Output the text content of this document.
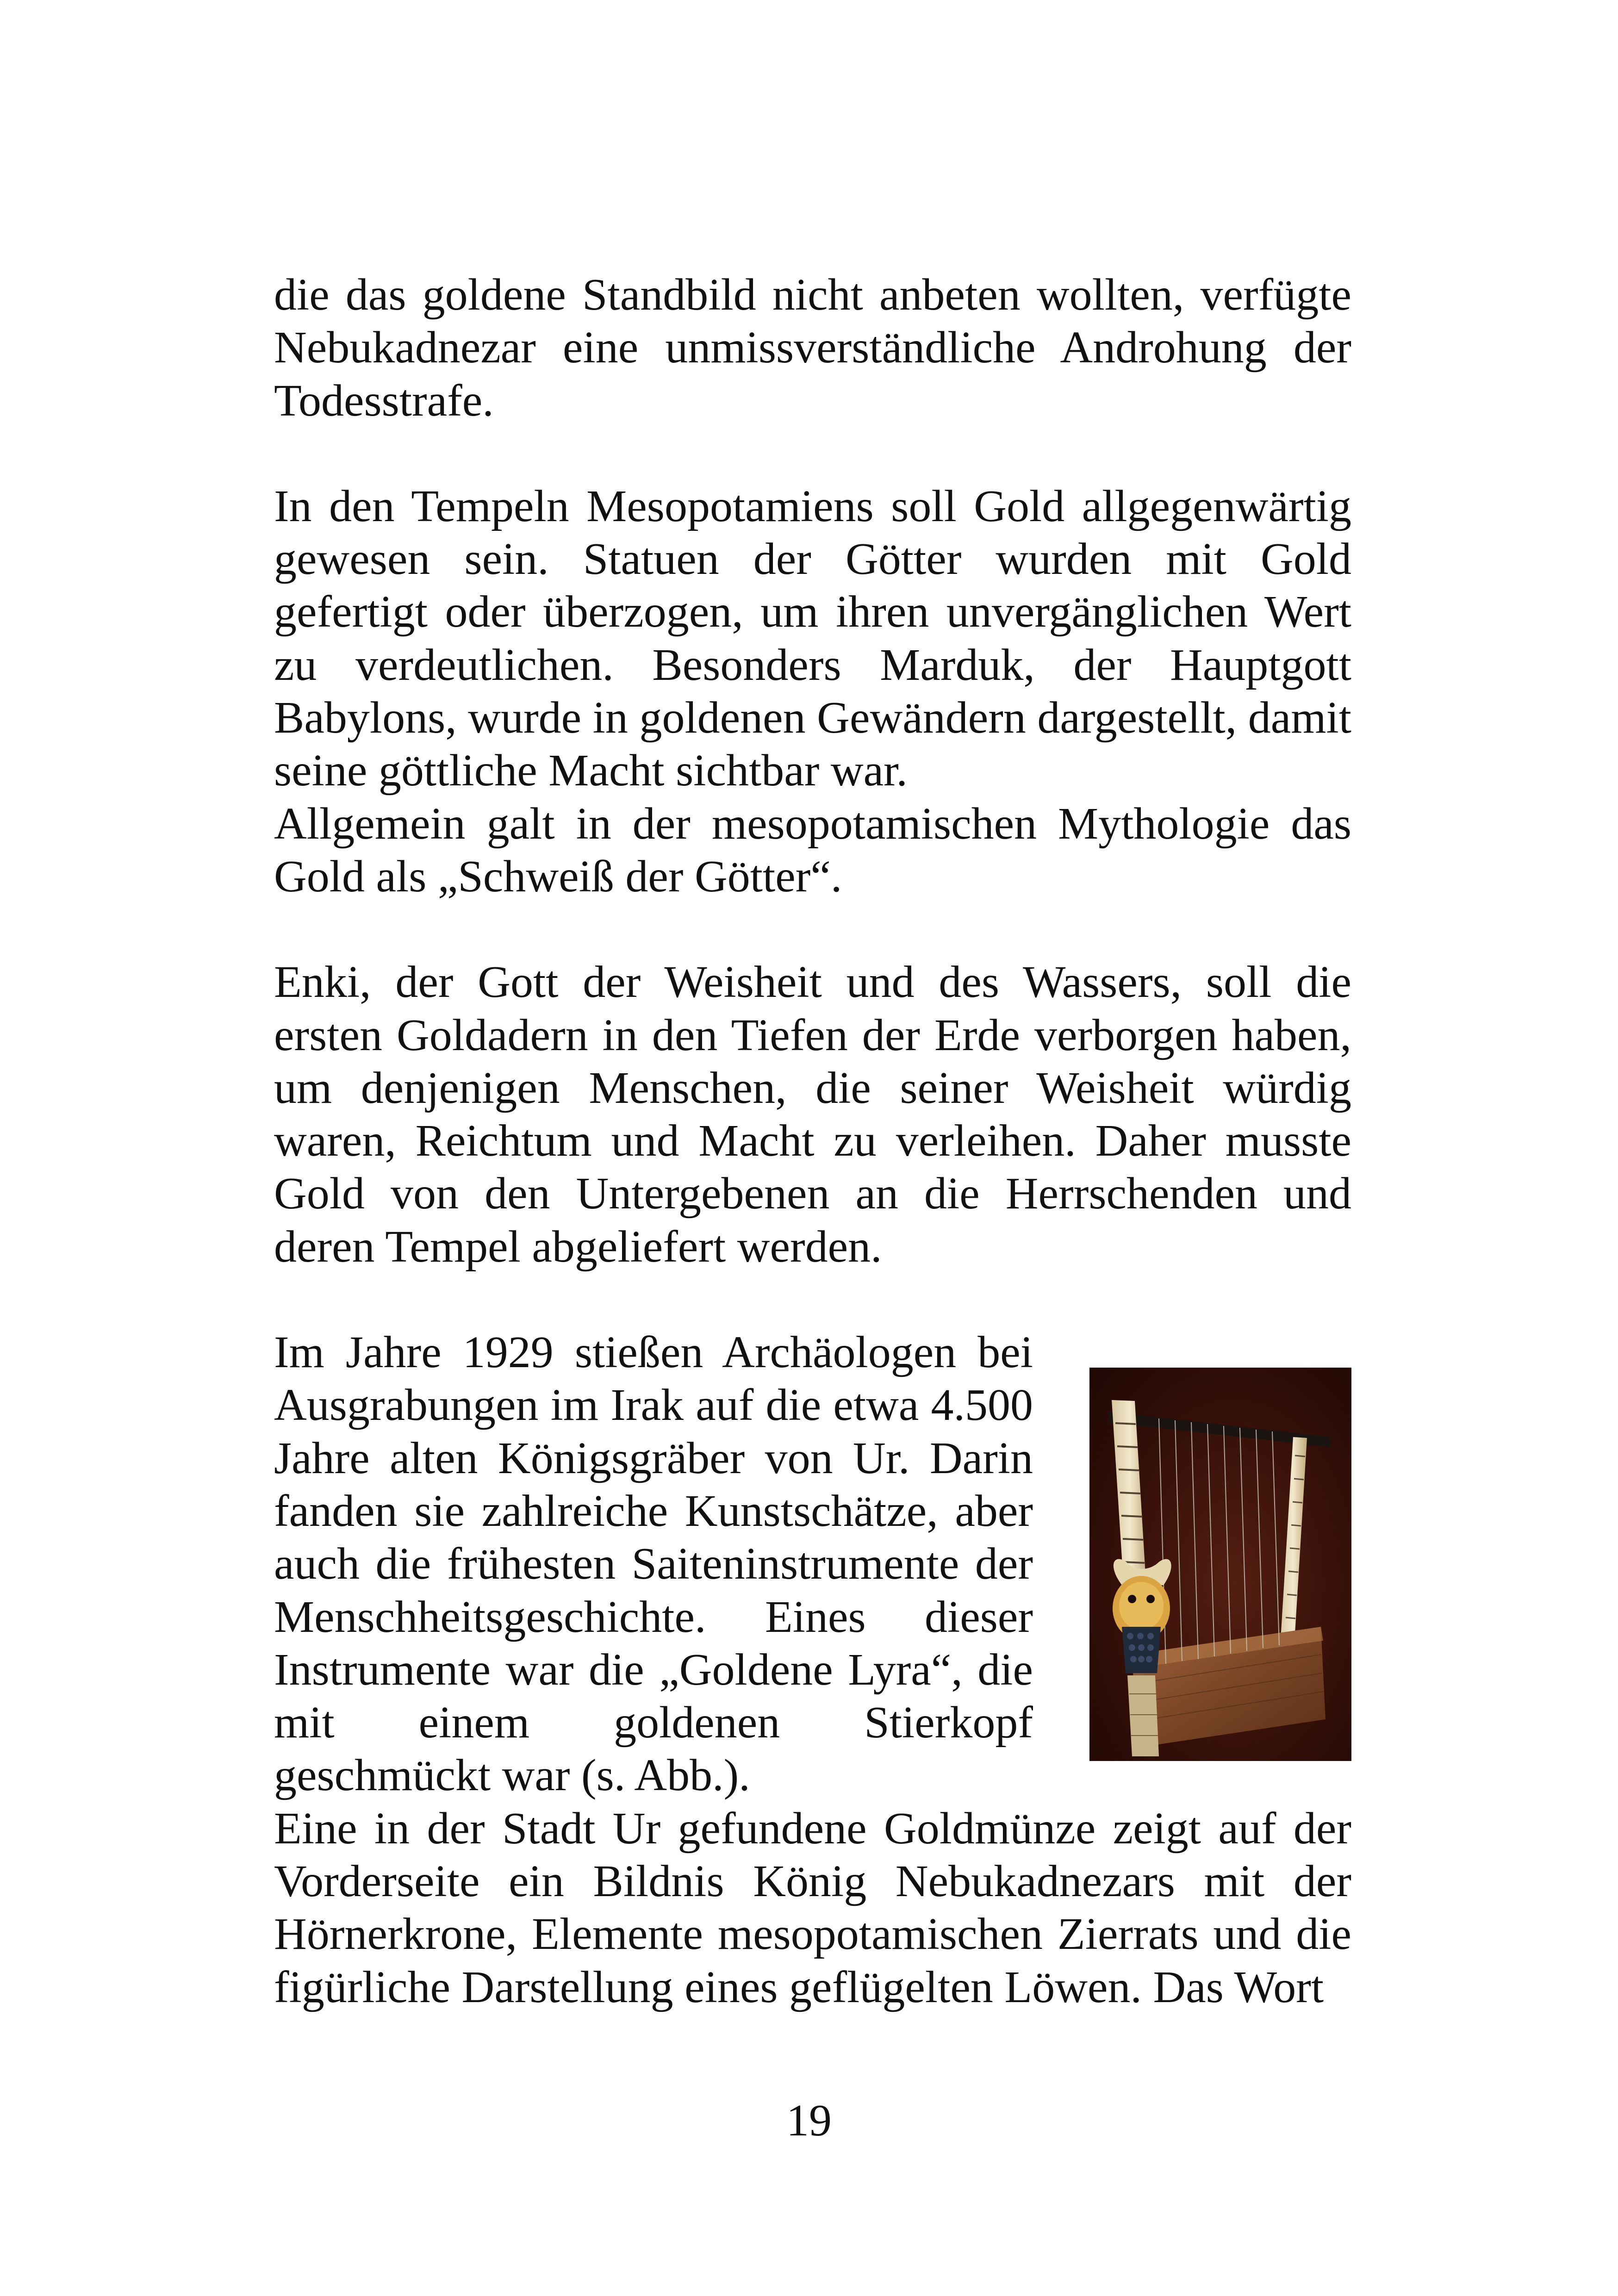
die das goldene Standbild nicht anbeten wollten, verfügte Nebukadnezar eine unmissverständliche Androhung der Todesstrafe.

In den Tempeln Mesopotamiens soll Gold allgegenwärtig gewesen sein. Statuen der Götter wurden mit Gold gefertigt oder überzogen, um ihren unvergänglichen Wert zu verdeutlichen. Besonders Marduk, der Hauptgott Babylons, wurde in goldenen Gewändern dargestellt, damit seine göttliche Macht sichtbar war.

Allgemein galt in der mesopotamischen Mythologie das Gold als „Schweiß der Götter“.

Enki, der Gott der Weisheit und des Wassers, soll die ersten Goldadern in den Tiefen der Erde verborgen haben, um denjenigen Menschen, die seiner Weisheit würdig waren, Reichtum und Macht zu verleihen. Daher musste Gold von den Untergebenen an die Herrschenden und deren Tempel abgeliefert werden.

Im Jahre 1929 stießen Archäologen bei Ausgrabungen im Irak auf die etwa 4.500 Jahre alten Königsgräber von Ur. Darin fanden sie zahlreiche Kunstschätze, aber auch die frühesten Saiteninstrumente der Menschheitsgeschichte. Eines dieser Instrumente war die „Goldene Lyra“, die mit einem goldenen Stierkopf geschmückt war (s. Abb.).

Eine in der Stadt Ur gefundene Goldmünze zeigt auf der Vorderseite ein Bildnis König Nebukadnezars mit der Hörnerkrone, Elemente mesopotamischen Zierrats und die figürliche Darstellung eines geflügelten Löwen. Das Wort

19
